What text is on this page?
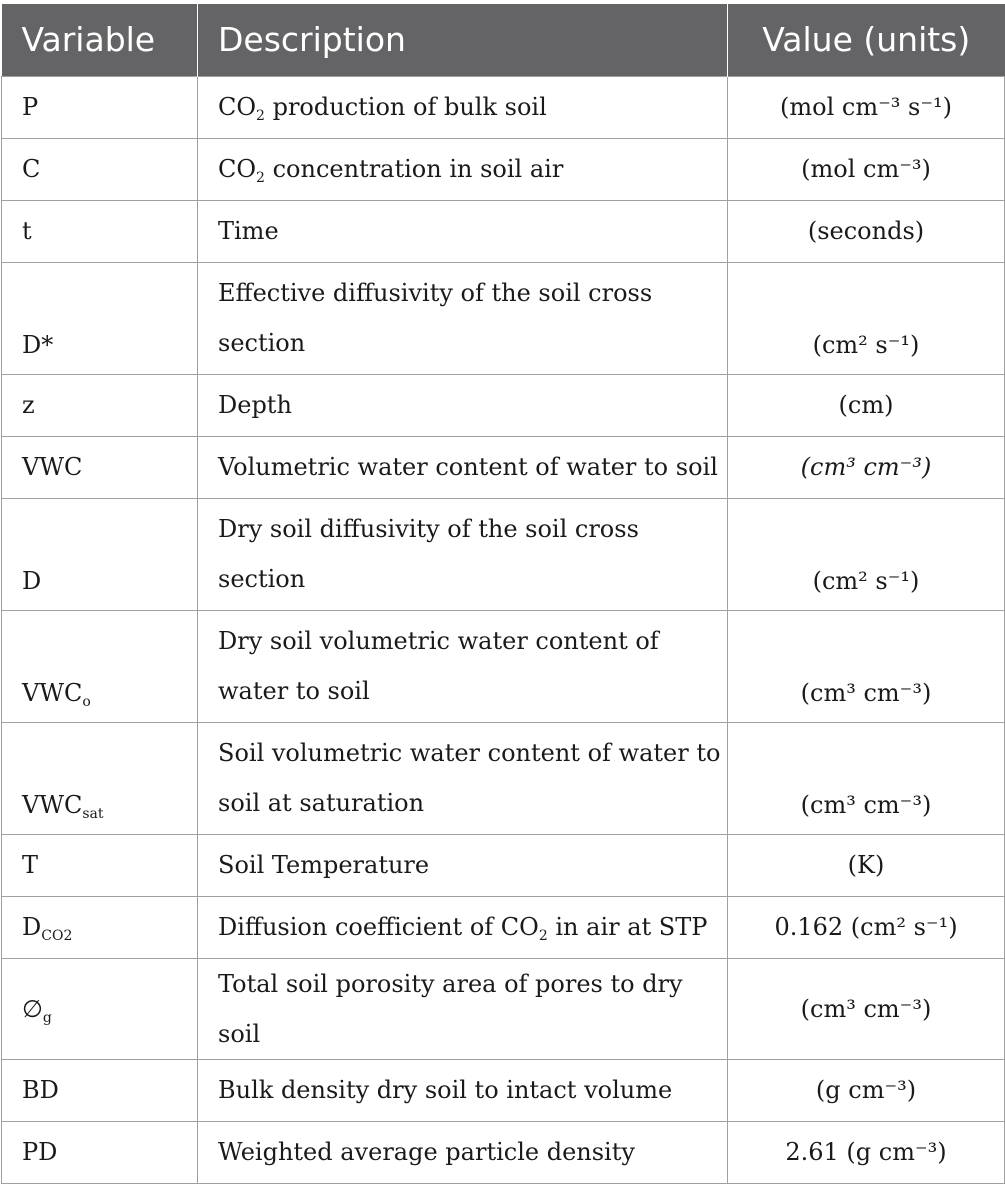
Variable	Description	Value (units)
P	$CO_2$ production of bulk soil	(mol cm⁻³ s⁻¹)
C	$CO_2$ concentration in soil air	(mol cm⁻³)
t	Time	(seconds)
D*	Effective diffusivity of the soil cross section	(cm² s⁻¹)
z	Depth	(cm)
VWC	Volumetric water content of water to soil	(cm³ cm⁻³)
D	Dry soil diffusivity of the soil cross section	(cm² s⁻¹)
$VWC_o$	Dry soil volumetric water content of water to soil	(cm³ cm⁻³)
$VWC_{sat}$	Soil volumetric water content of water to soil at saturation	(cm³ cm⁻³)
T	Soil Temperature	(K)
$D_{CO2}$	Diffusion coefficient of $CO_2$ in air at STP	0.162 (cm² s⁻¹)
$\emptyset_g$	Total soil porosity area of pores to dry soil	(cm³ cm⁻³)
BD	Bulk density dry soil to intact volume	(g cm⁻³)
PD	Weighted average particle density	2.61 (g cm⁻³)
